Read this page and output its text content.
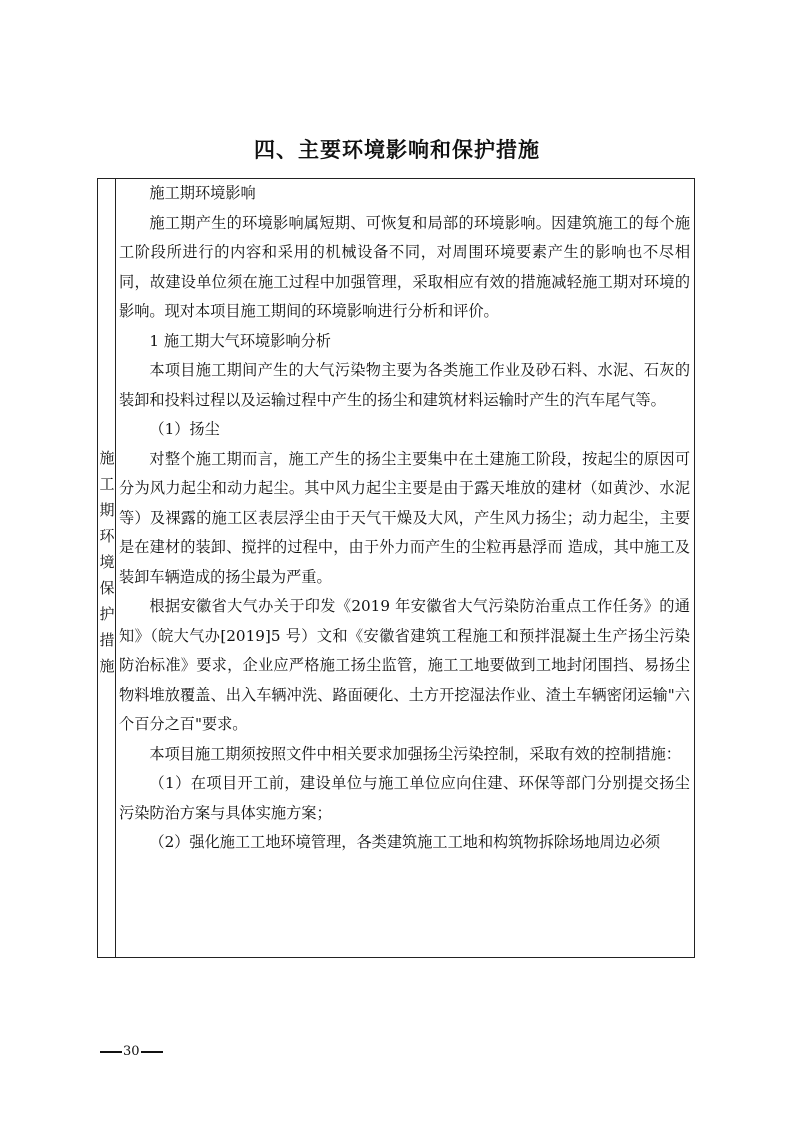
四、主要环境影响和保护措施
施
工
期
环
境
保
护
措
施

施工期环境影响

施工期产生的环境影响属短期、可恢复和局部的环境影响。因建筑施工的每个施工阶段所进行的内容和采用的机械设备不同，对周围环境要素产生的影响也不尽相同，故建设单位须在施工过程中加强管理，采取相应有效的措施减轻施工期对环境的影响。现对本项目施工期间的环境影响进行分析和评价。

1 施工期大气环境影响分析

本项目施工期间产生的大气污染物主要为各类施工作业及砂石料、水泥、石灰的装卸和投料过程以及运输过程中产生的扬尘和建筑材料运输时产生的汽车尾气等。

（1）扬尘

对整个施工期而言，施工产生的扬尘主要集中在土建施工阶段，按起尘的原因可分为风力起尘和动力起尘。其中风力起尘主要是由于露天堆放的建材（如黄沙、水泥等）及裸露的施工区表层浮尘由于天气干燥及大风，产生风力扬尘；动力起尘，主要是在建材的装卸、搅拌的过程中，由于外力而产生的尘粒再悬浮而 造成，其中施工及装卸车辆造成的扬尘最为严重。

根据安徽省大气办关于印发《2019 年安徽省大气污染防治重点工作任务》的通知》（皖大气办[2019]5 号）文和《安徽省建筑工程施工和预拌混凝土生产扬尘污染防治标准》要求，企业应严格施工扬尘监管，施工工地要做到工地封闭围挡、易扬尘物料堆放覆盖、出入车辆冲洗、路面硬化、土方开挖湿法作业、渣土车辆密闭运输"六个百分之百"要求。

本项目施工期须按照文件中相关要求加强扬尘污染控制，采取有效的控制措施：

（1）在项目开工前，建设单位与施工单位应向住建、环保等部门分别提交扬尘污染防治方案与具体实施方案；

（2）强化施工工地环境管理，各类建筑施工工地和构筑物拆除场地周边必须

30
